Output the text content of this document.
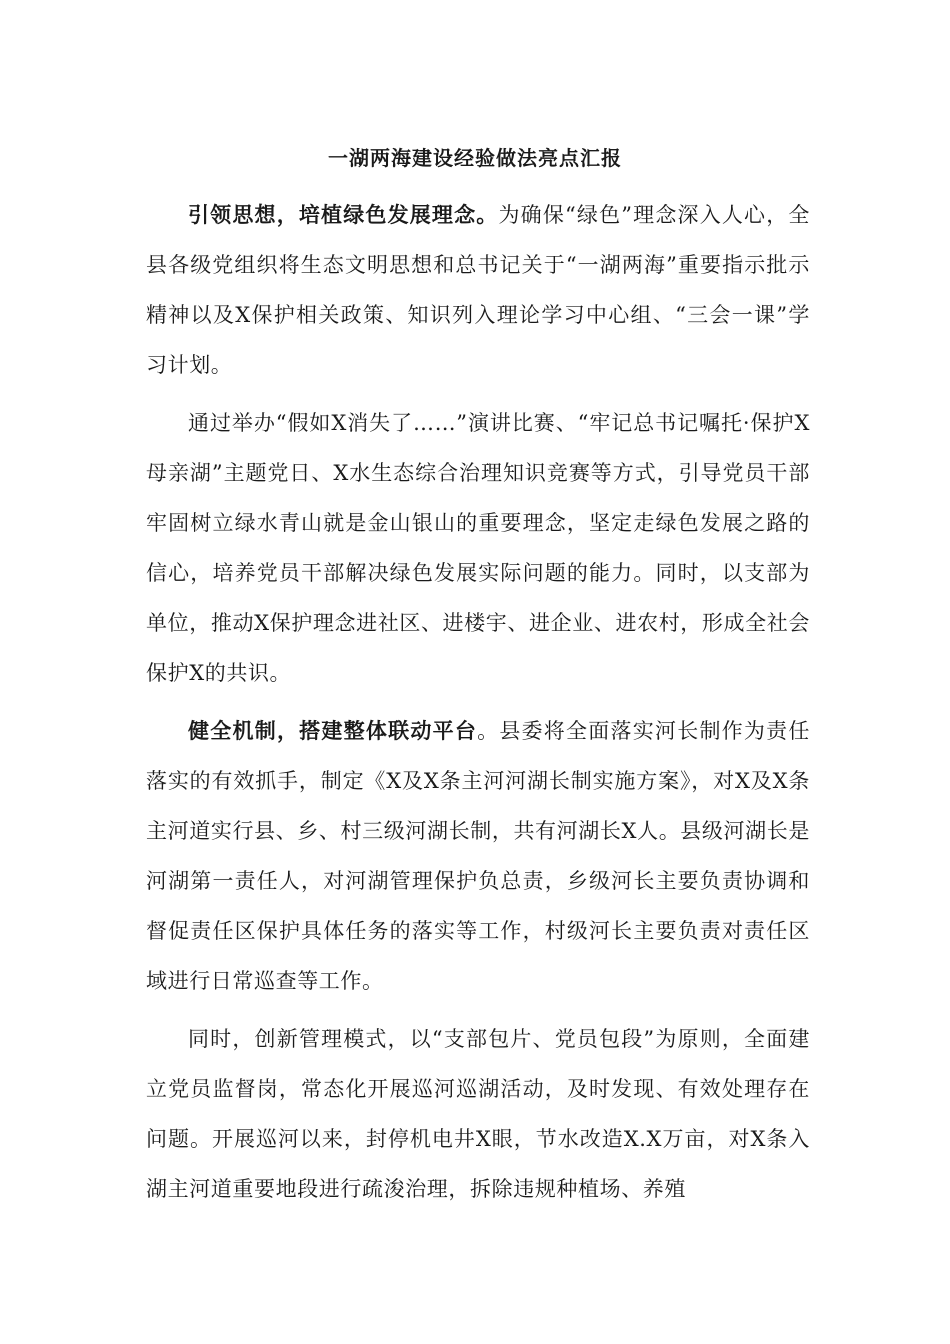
一湖两海建设经验做法亮点汇报

引领思想，培植绿色发展理念。为确保“绿色”理念深入人心，全县各级党组织将生态文明思想和总书记关于“一湖两海”重要指示批示精神以及X保护相关政策、知识列入理论学习中心组、“三会一课”学习计划。

通过举办“假如X消失了……”演讲比赛、“牢记总书记嘱托·保护X母亲湖”主题党日、X水生态综合治理知识竞赛等方式，引导党员干部牢固树立绿水青山就是金山银山的重要理念，坚定走绿色发展之路的信心，培养党员干部解决绿色发展实际问题的能力。同时，以支部为单位，推动X保护理念进社区、进楼宇、进企业、进农村，形成全社会保护X的共识。

健全机制，搭建整体联动平台。县委将全面落实河长制作为责任落实的有效抓手，制定《X及X条主河河湖长制实施方案》，对X及X条主河道实行县、乡、村三级河湖长制，共有河湖长X人。县级河湖长是河湖第一责任人，对河湖管理保护负总责，乡级河长主要负责协调和督促责任区保护具体任务的落实等工作，村级河长主要负责对责任区域进行日常巡查等工作。

同时，创新管理模式，以“支部包片、党员包段”为原则，全面建立党员监督岗，常态化开展巡河巡湖活动，及时发现、有效处理存在问题。开展巡河以来，封停机电井X眼，节水改造X.X万亩，对X条入湖主河道重要地段进行疏浚治理，拆除违规种植场、养殖
